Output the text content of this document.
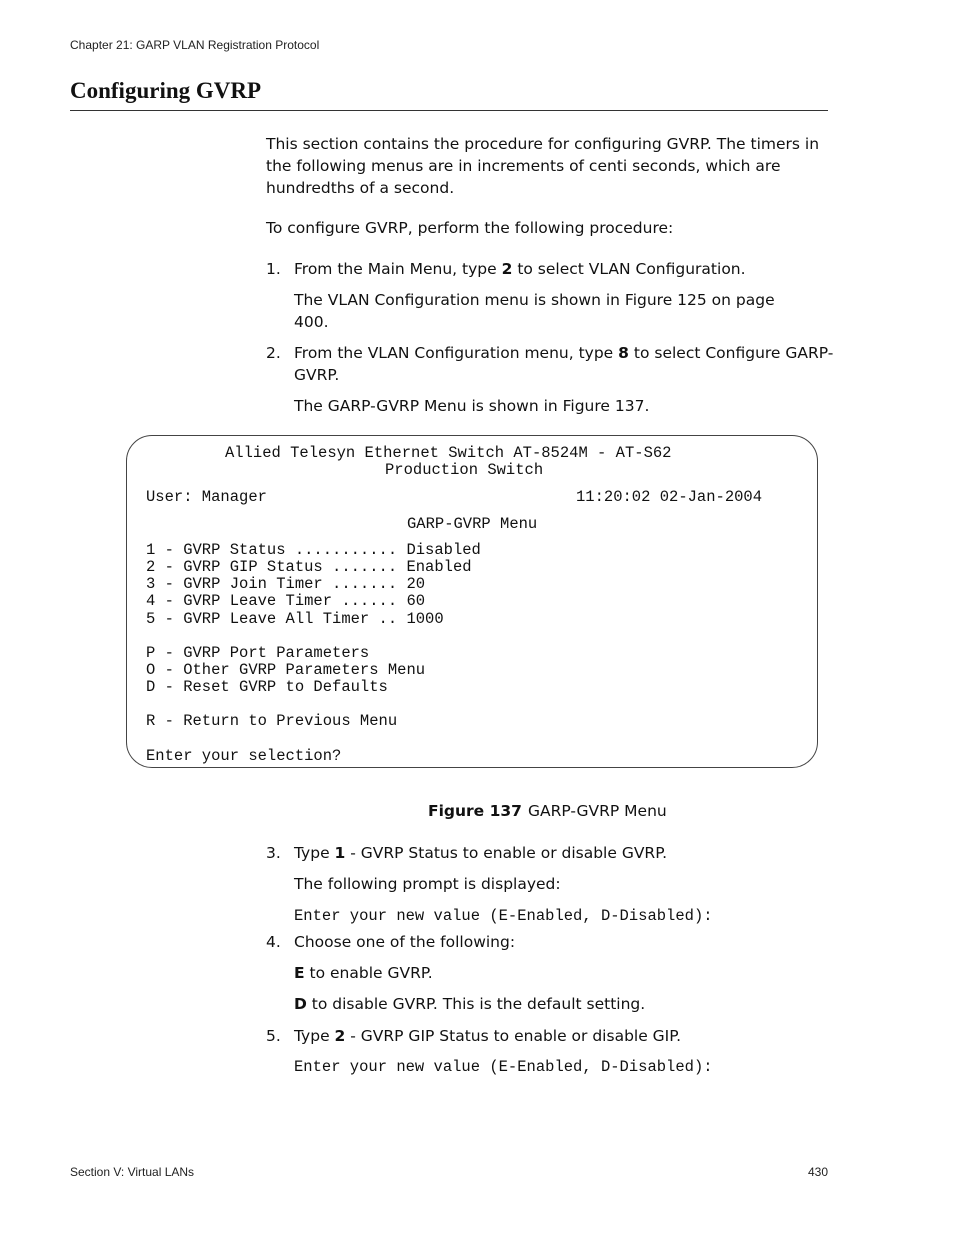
Chapter 21: GARP VLAN Registration Protocol
Configuring GVRP

This section contains the procedure for configuring GVRP. The timers in the following menus are in increments of centi seconds, which are hundredths of a second.

To configure GVRP, perform the following procedure:

1. From the Main Menu, type 2 to select VLAN Configuration.

The VLAN Configuration menu is shown in Figure 125 on page 400.

2. From the VLAN Configuration menu, type 8 to select Configure GARP-GVRP.

The GARP-GVRP Menu is shown in Figure 137.

Allied Telesyn Ethernet Switch AT-8524M - AT-S62
Production Switch
User: Manager	11:20:02 02-Jan-2004
GARP-GVRP Menu
1 - GVRP Status ........... Disabled
2 - GVRP GIP Status ....... Enabled
3 - GVRP Join Timer ....... 20
4 - GVRP Leave Timer ...... 60
5 - GVRP Leave All Timer .. 1000
P - GVRP Port Parameters
O - Other GVRP Parameters Menu
D - Reset GVRP to Defaults
R - Return to Previous Menu
Enter your selection?
Figure 137 GARP-GVRP Menu
3. Type 1 - GVRP Status to enable or disable GVRP.

The following prompt is displayed:

Enter your new value (E-Enabled, D-Disabled):
4. Choose one of the following:

E to enable GVRP.

D to disable GVRP. This is the default setting.

5. Type 2 - GVRP GIP Status to enable or disable GIP.

Enter your new value (E-Enabled, D-Disabled):
Section V: Virtual LANs	430
